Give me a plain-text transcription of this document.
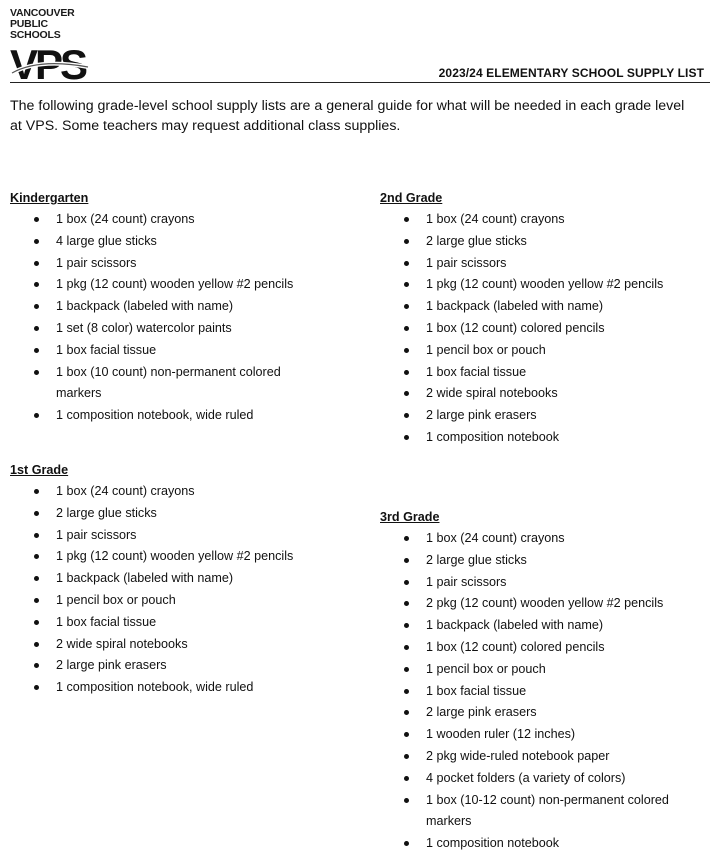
VANCOUVER
PUBLIC SCHOOLS
VPS	2023/24 ELEMENTARY SCHOOL SUPPLY LIST
The following grade-level school supply lists are a general guide for what will be needed in each grade level at VPS. Some teachers may request additional class supplies.
Kindergarten
1 box (24 count) crayons
4 large glue sticks
1 pair scissors
1 pkg (12 count) wooden yellow #2 pencils
1 backpack (labeled with name)
1 set (8 color) watercolor paints
1 box facial tissue
1 box (10 count) non-permanent colored markers
1 composition notebook, wide ruled
1st Grade
1 box (24 count) crayons
2 large glue sticks
1 pair scissors
1 pkg (12 count) wooden yellow #2 pencils
1 backpack (labeled with name)
1 pencil box or pouch
1 box facial tissue
2 wide spiral notebooks
2 large pink erasers
1 composition notebook, wide ruled
2nd Grade
1 box (24 count) crayons
2 large glue sticks
1 pair scissors
1 pkg (12 count) wooden yellow #2 pencils
1 backpack (labeled with name)
1 box (12 count) colored pencils
1 pencil box or pouch
1 box facial tissue
2 wide spiral notebooks
2 large pink erasers
1 composition notebook
3rd Grade
1 box (24 count) crayons
2 large glue sticks
1 pair scissors
2 pkg (12 count) wooden yellow #2 pencils
1 backpack (labeled with name)
1 box (12 count) colored pencils
1 pencil box or pouch
1 box facial tissue
2 large pink erasers
1 wooden ruler (12 inches)
2 pkg wide-ruled notebook paper
4 pocket folders (a variety of colors)
1 box (10-12 count) non-permanent colored markers
1 composition notebook
